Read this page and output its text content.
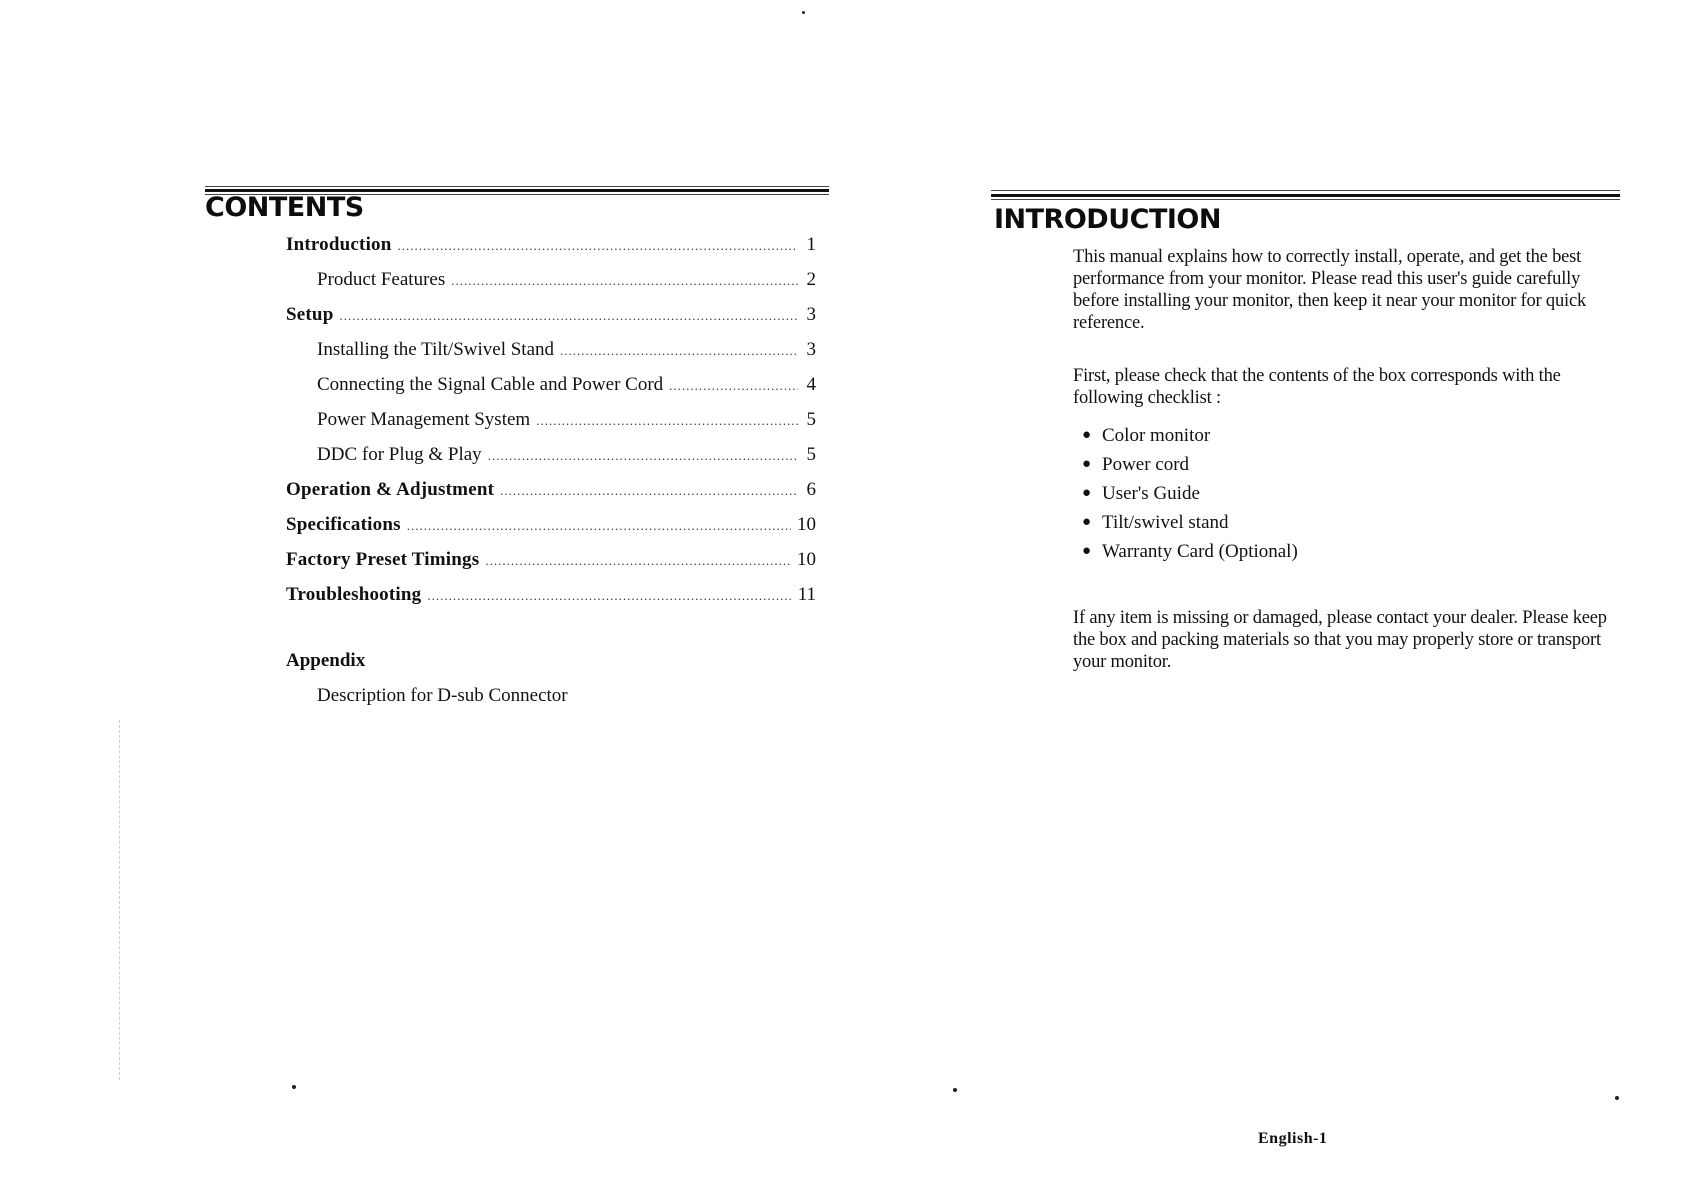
CONTENTS
Introduction .....	1
Product Features .....	2
Setup .....	3
Installing the Tilt/Swivel Stand .....	3
Connecting the Signal Cable and Power Cord .....	4
Power Management System .....	5
DDC for Plug & Play .....	5
Operation & Adjustment .....	6
Specifications .....	10
Factory Preset Timings .....	10
Troubleshooting .....	11

Appendix

Description for D-sub Connector

INTRODUCTION

This manual explains how to correctly install, operate, and get the best performance from your monitor. Please read this user's guide carefully before installing your monitor, then keep it near your monitor for quick reference.

First, please check that the contents of the box corresponds with the following checklist :

● Color monitor
● Power cord
● User's Guide
● Tilt/swivel stand
● Warranty Card (Optional)

If any item is missing or damaged, please contact your dealer. Please keep the box and packing materials so that you may properly store or transport your monitor.

English-1
